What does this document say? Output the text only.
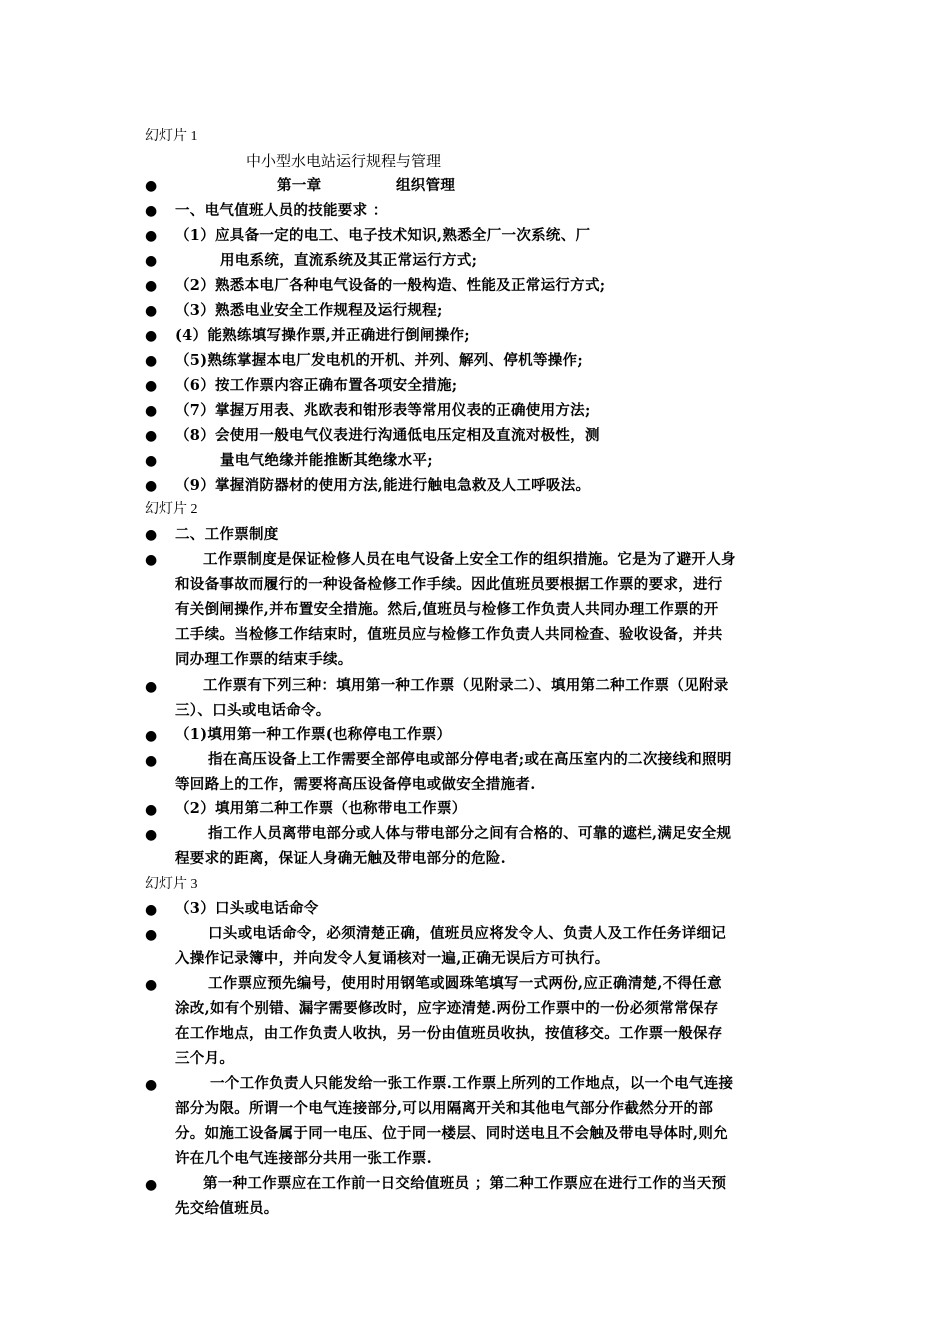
幻灯片 1
中小型水电站运行规程与管理
●	第一章	组织管理
● 一、电气值班人员的技能要求 ：
● （1）应具备一定的电工、电子技术知识,熟悉全厂一次系统、厂
●	用电系统，直流系统及其正常运行方式;
● （2）熟悉本电厂各种电气设备的一般构造、性能及正常运行方式;
● （3）熟悉电业安全工作规程及运行规程;
● (4）能熟练填写操作票,并正确进行倒闸操作;
● （5)熟练掌握本电厂发电机的开机、并列、解列、停机等操作;
● （6）按工作票内容正确布置各项安全措施;
● （7）掌握万用表、兆欧表和钳形表等常用仪表的正确使用方法;
● （8）会使用一般电气仪表进行沟通低电压定相及直流对极性，测
●	量电气绝缘并能推断其绝缘水平;
● （9）掌握消防器材的使用方法,能进行触电急救及人工呼吸法。
幻灯片 2
● 二、工作票制度
●	工作票制度是保证检修人员在电气设备上安全工作的组织措施。它是为了避开人身
和设备事故而履行的一种设备检修工作手续。因此值班员要根据工作票的要求，进行
有关倒闸操作,并布置安全措施。然后,值班员与检修工作负责人共同办理工作票的开
工手续。当检修工作结束时，值班员应与检修工作负责人共同检查、验收设备，并共
同办理工作票的结束手续。
●	工作票有下列三种：填用第一种工作票（见附录二）、填用第二种工作票（见附录
三）、口头或电话命令。
● （1)填用第一种工作票(也称停电工作票）
●	指在高压设备上工作需要全部停电或部分停电者;或在高压室内的二次接线和照明
等回路上的工作，需要将高压设备停电或做安全措施者.
● （2）填用第二种工作票（也称带电工作票）
●	指工作人员离带电部分或人体与带电部分之间有合格的、可靠的遮栏,满足安全规
程要求的距离，保证人身确无触及带电部分的危险.
幻灯片 3
● （3）口头或电话命令
●	口头或电话命令，必须清楚正确，值班员应将发令人、负责人及工作任务详细记
入操作记录簿中，并向发令人复诵核对一遍,正确无误后方可执行。
●	工作票应预先编号，使用时用钢笔或圆珠笔填写一式两份,应正确清楚,不得任意
涂改,如有个别错、漏字需要修改时，应字迹清楚.两份工作票中的一份必须常常保存
在工作地点，由工作负责人收执，另一份由值班员收执，按值移交。工作票一般保存
三个月。
●	一个工作负责人只能发给一张工作票.工作票上所列的工作地点，以一个电气连接
部分为限。所谓一个电气连接部分,可以用隔离开关和其他电气部分作截然分开的部
分。如施工设备属于同一电压、位于同一楼层、同时送电且不会触及带电导体时,则允
许在几个电气连接部分共用一张工作票.
●	第一种工作票应在工作前一日交给值班员 ；第二种工作票应在进行工作的当天预
先交给值班员。
